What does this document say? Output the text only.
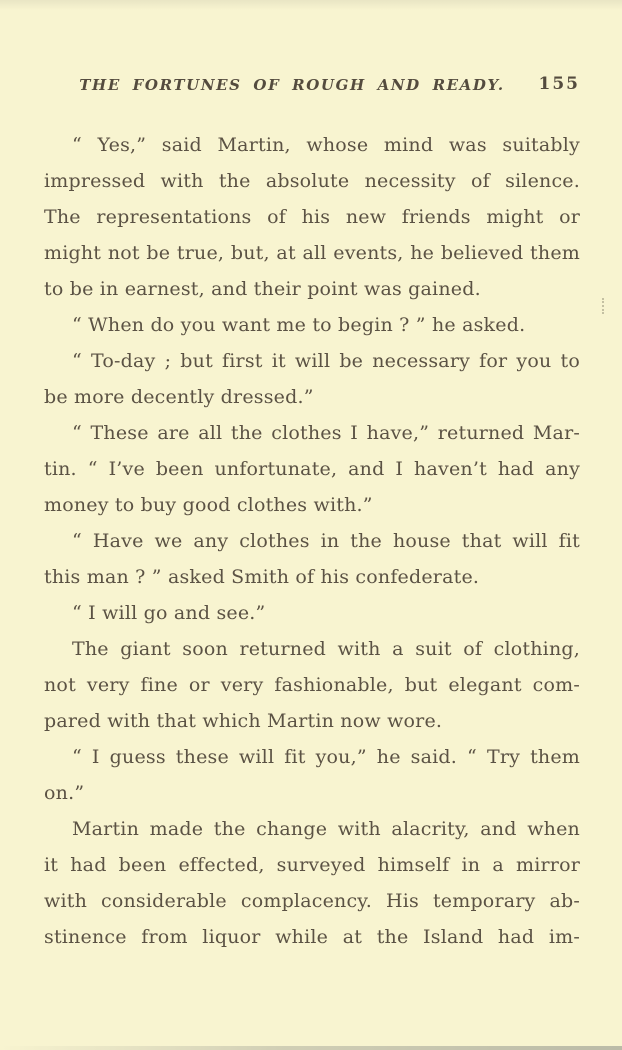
THE FORTUNES OF ROUGH AND READY.	155
“ Yes,” said Martin, whose mind was suitably
impressed with the absolute necessity of silence.
The representations of his new friends might or
might not be true, but, at all events, he believed them
to be in earnest, and their point was gained.
“ When do you want me to begin ? ” he asked.
“ To-day ; but first it will be necessary for you to
be more decently dressed.”
“ These are all the clothes I have,” returned Mar-
tin. “ I’ve been unfortunate, and I haven’t had any
money to buy good clothes with.”
“ Have we any clothes in the house that will fit
this man ? ” asked Smith of his confederate.
“ I will go and see.”
The giant soon returned with a suit of clothing,
not very fine or very fashionable, but elegant com-
pared with that which Martin now wore.
“ I guess these will fit you,” he said. “ Try them
on.”
Martin made the change with alacrity, and when
it had been effected, surveyed himself in a mirror
with considerable complacency. His temporary ab-
stinence from liquor while at the Island had im-
